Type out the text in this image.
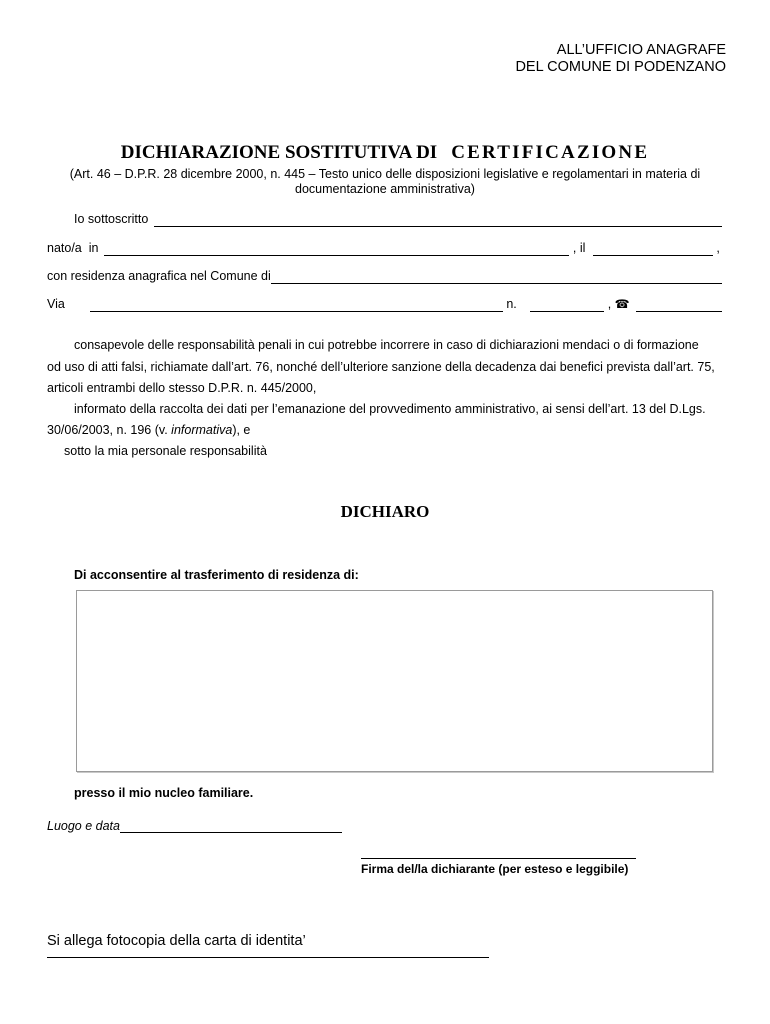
ALL’UFFICIO ANAGRAFE
DEL COMUNE DI PODENZANO
DICHIARAZIONE SOSTITUTIVA DI CERTIFICAZIONE
(Art. 46 – D.P.R. 28 dicembre 2000, n. 445 – Testo unico delle disposizioni legislative e regolamentari in materia di
documentazione amministrativa)
Io sottoscritto
nato/a  in	, il	,
con residenza anagrafica nel Comune di
Via	n.	, ☎
consapevole delle responsabilità penali in cui potrebbe incorrere in caso di dichiarazioni mendaci o di formazione
od uso di atti falsi, richiamate dall’art. 76, nonché dell’ulteriore sanzione della decadenza dai benefici prevista dall’art. 75,
articoli entrambi dello stesso D.P.R. n. 445/2000,
informato della raccolta dei dati per l’emanazione del provvedimento amministrativo, ai sensi dell’art. 13 del D.Lgs.
30/06/2003, n. 196 (v. informativa), e
sotto la mia personale responsabilità
DICHIARO
Di acconsentire al trasferimento di residenza di:
presso il mio nucleo familiare.
Luogo e data
Firma del/la dichiarante (per esteso e leggibile)
Si allega fotocopia della carta di identita’
